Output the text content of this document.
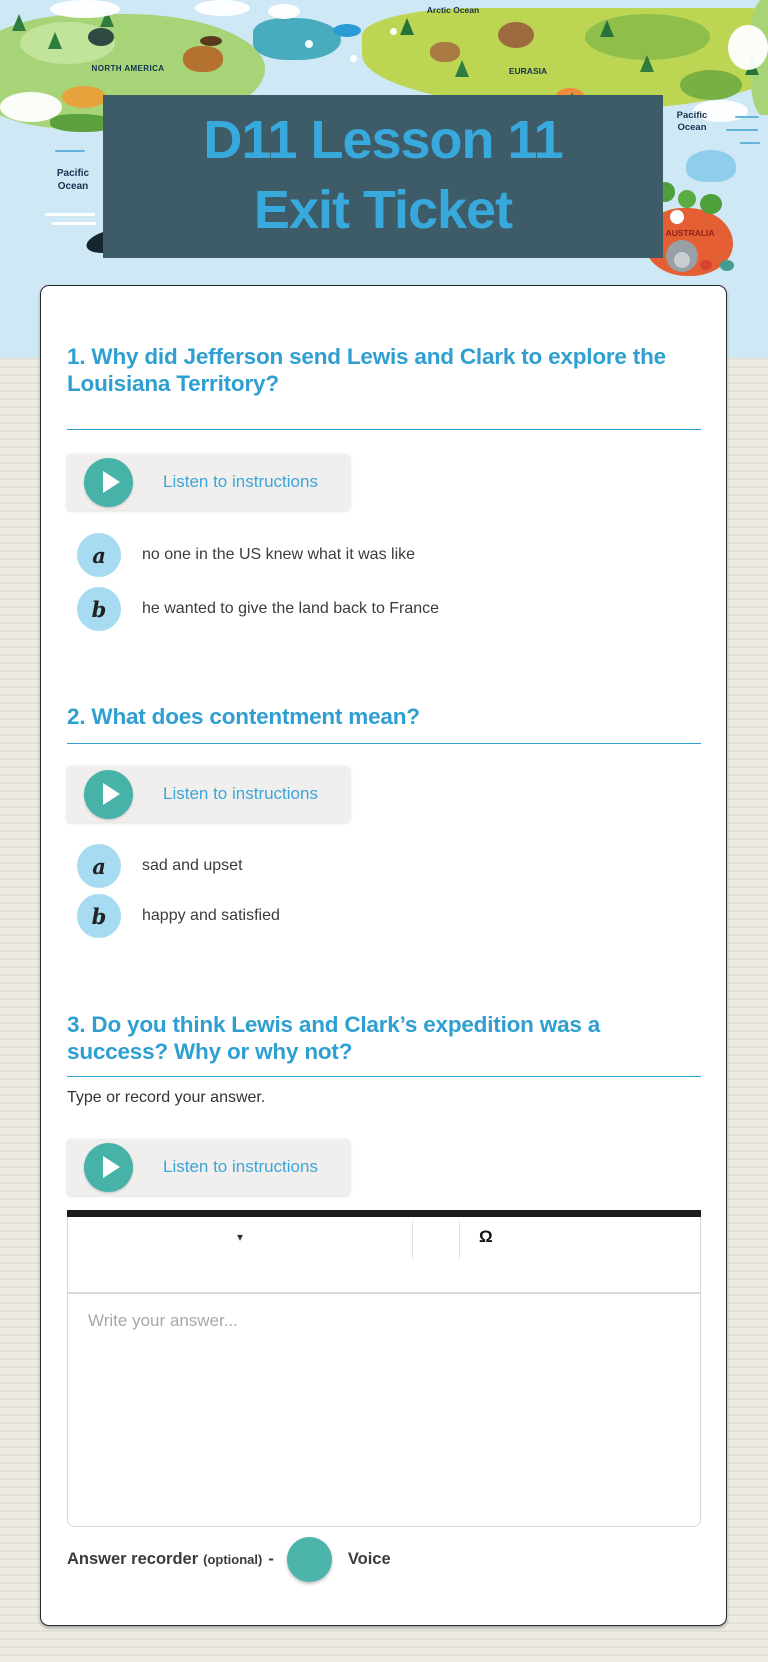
Arctic Ocean
NORTH AMERICA	EURASIA
Pacific Ocean
Pacific Ocean
AUSTRALIA
D11 Lesson 11
Exit Ticket
1. Why did Jefferson send Lewis and Clark to explore the Louisiana Territory?
Listen to instructions
a no one in the US knew what it was like
b he wanted to give the land back to France
2. What does contentment mean?
Listen to instructions
a sad and upset
b happy and satisfied
3. Do you think Lewis and Clark’s expedition was a success? Why or why not?
Type or record your answer.
Listen to instructions
▾	Ω
Write your answer...
Answer recorder (optional) -	Voice
